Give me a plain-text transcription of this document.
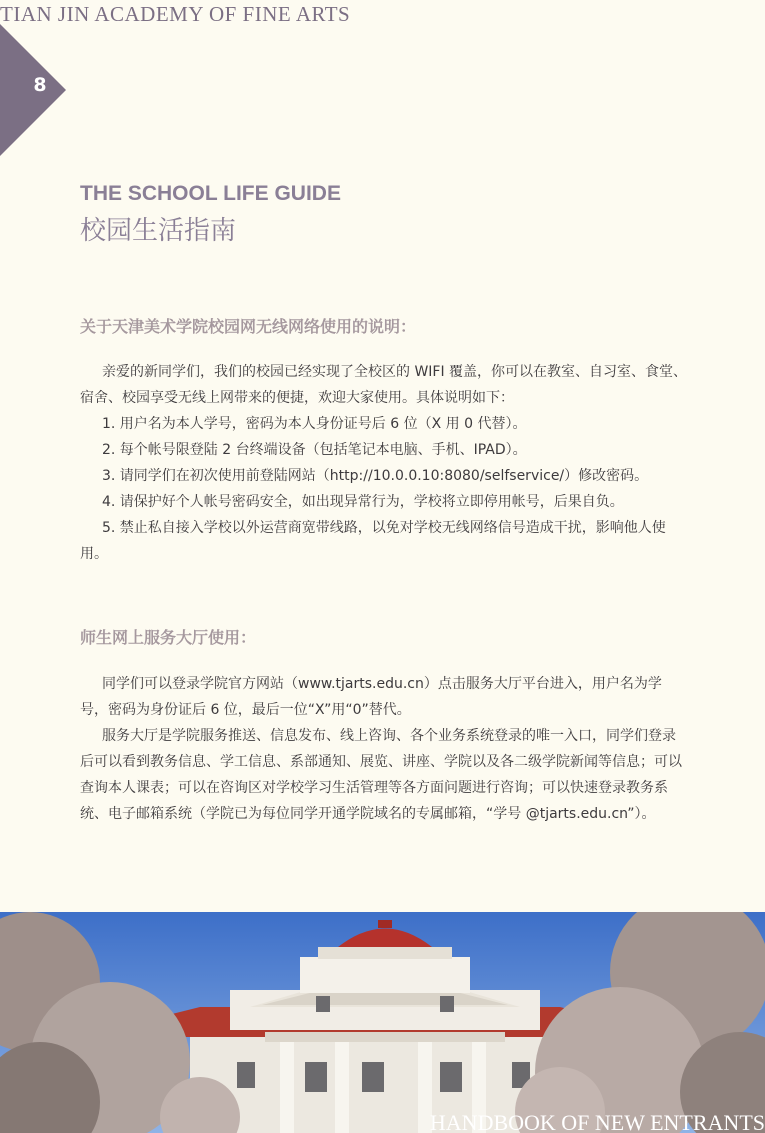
TIAN JIN ACADEMY OF FINE ARTS
8
THE SCHOOL LIFE GUIDE
校园生活指南
关于天津美术学院校园网无线网络使用的说明：

亲爱的新同学们，我们的校园已经实现了全校区的 WIFI 覆盖，你可以在教室、自习室、食堂、宿舍、校园享受无线上网带来的便捷，欢迎大家使用。具体说明如下：

1. 用户名为本人学号，密码为本人身份证号后 6 位（X 用 0 代替）。

2. 每个帐号限登陆 2 台终端设备（包括笔记本电脑、手机、IPAD）。

3. 请同学们在初次使用前登陆网站（http://10.0.0.10:8080/selfservice/）修改密码。

4. 请保护好个人帐号密码安全，如出现异常行为，学校将立即停用帐号，后果自负。

5. 禁止私自接入学校以外运营商宽带线路，以免对学校无线网络信号造成干扰，影响他人使用。

师生网上服务大厅使用：

同学们可以登录学院官方网站（www.tjarts.edu.cn）点击服务大厅平台进入，用户名为学号，密码为身份证后 6 位，最后一位“X”用“0”替代。

服务大厅是学院服务推送、信息发布、线上咨询、各个业务系统登录的唯一入口，同学们登录后可以看到教务信息、学工信息、系部通知、展览、讲座、学院以及各二级学院新闻等信息；可以查询本人课表；可以在咨询区对学校学习生活管理等各方面问题进行咨询；可以快速登录教务系统、电子邮箱系统（学院已为每位同学开通学院域名的专属邮箱，“学号 @tjarts.edu.cn”）。

HANDBOOK OF NEW ENTRANTS
